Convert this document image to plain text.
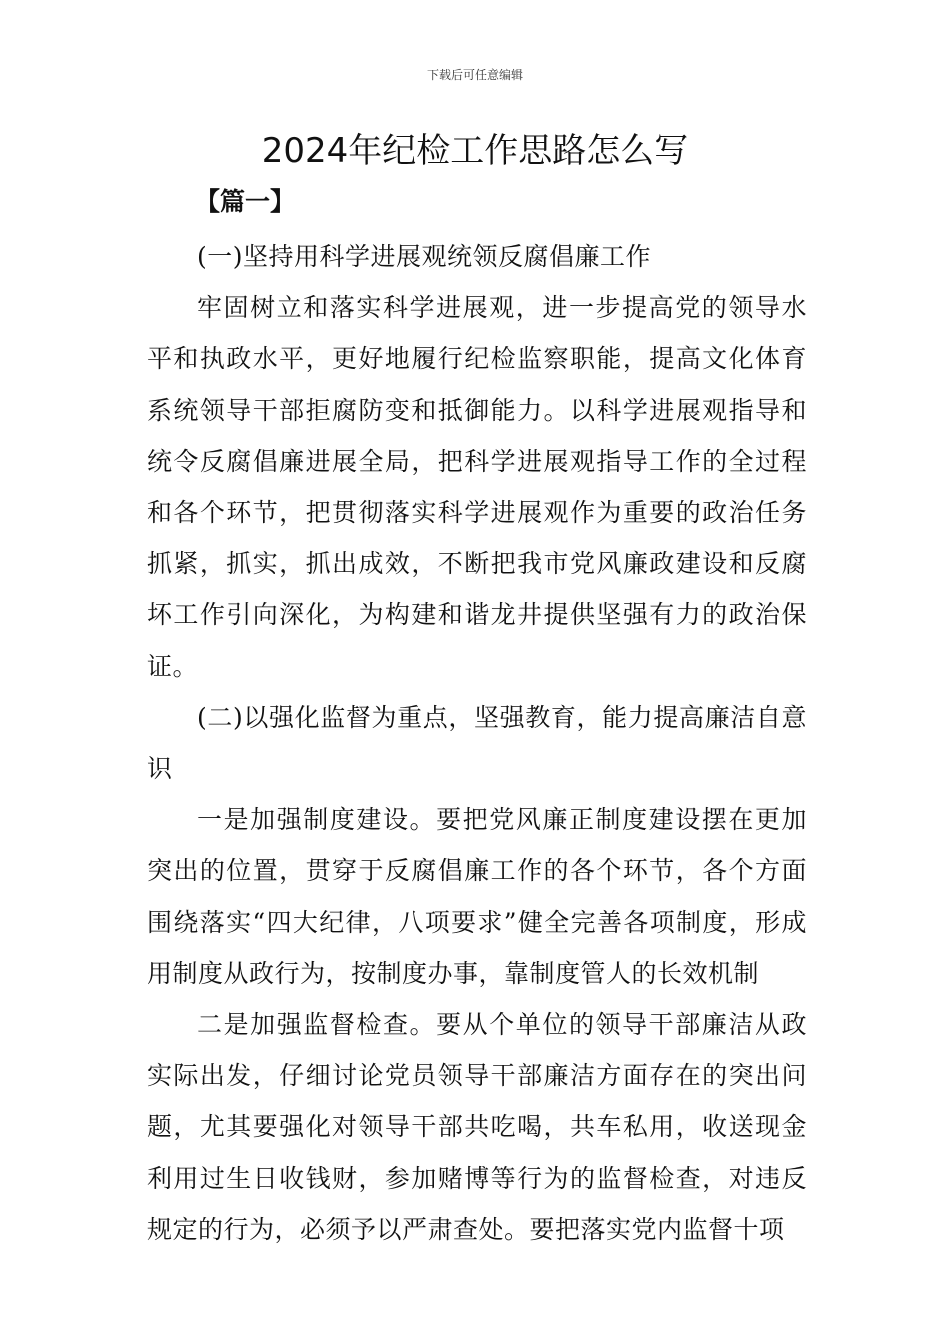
下载后可任意编辑
2024年纪检工作思路怎么写

【篇一】

(一)坚持用科学进展观统领反腐倡廉工作

牢固树立和落实科学进展观，进一步提高党的领导水平和执政水平，更好地履行纪检监察职能，提高文化体育系统领导干部拒腐防变和抵御能力。以科学进展观指导和统令反腐倡廉进展全局，把科学进展观指导工作的全过程和各个环节，把贯彻落实科学进展观作为重要的政治任务抓紧，抓实，抓出成效，不断把我市党风廉政建设和反腐坏工作引向深化，为构建和谐龙井提供坚强有力的政治保证。

(二)以强化监督为重点，坚强教育，能力提高廉洁自意识

一是加强制度建设。要把党风廉正制度建设摆在更加突出的位置，贯穿于反腐倡廉工作的各个环节，各个方面围绕落实“四大纪律，八项要求”健全完善各项制度，形成用制度从政行为，按制度办事，靠制度管人的长效机制

二是加强监督检查。要从个单位的领导干部廉洁从政实际出发，仔细讨论党员领导干部廉洁方面存在的突出问题，尤其要强化对领导干部共吃喝，共车私用，收送现金利用过生日收钱财，参加赌博等行为的监督检查，对违反规定的行为，必须予以严肃查处。要把落实党内监督十项
